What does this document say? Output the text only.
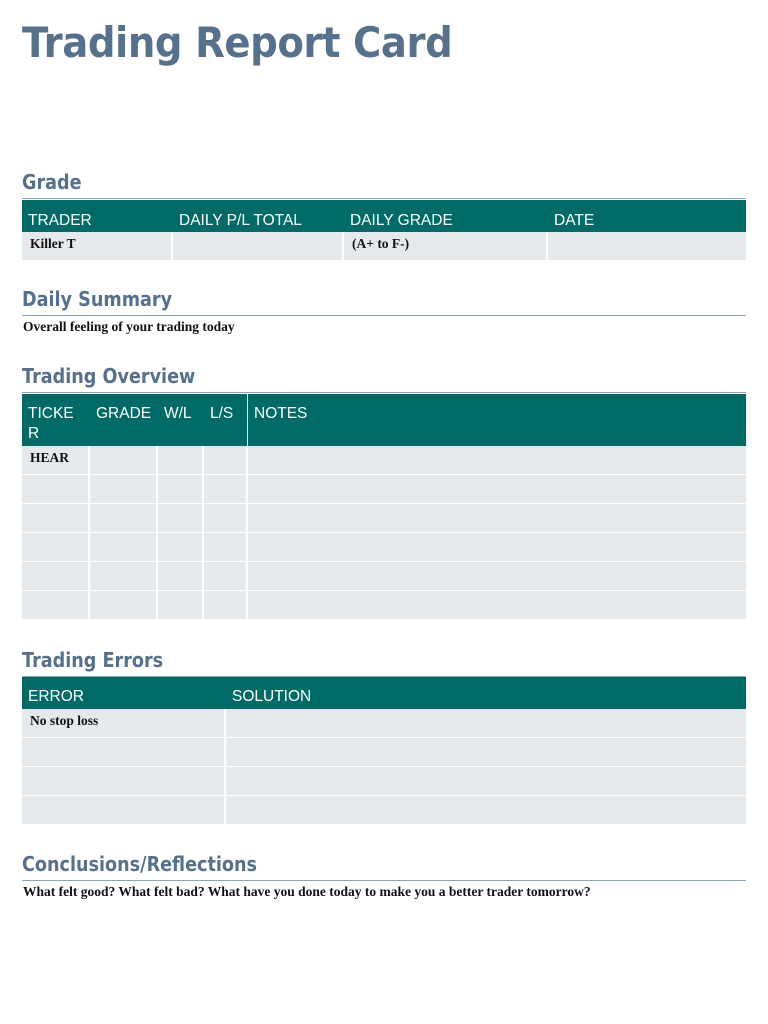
Trading Report Card
Grade
TRADER	DAILY P/L TOTAL	DAILY GRADE	DATE
Killer T		(A+ to F-)	
Daily Summary
Overall feeling of your trading today
Trading Overview
TICKE
R	GRADE	W/L	L/S	NOTES
HEAR				

Trading Errors
ERROR	SOLUTION
No stop loss	

Conclusions/Reflections
What felt good? What felt bad? What have you done today to make you a better trader tomorrow?
